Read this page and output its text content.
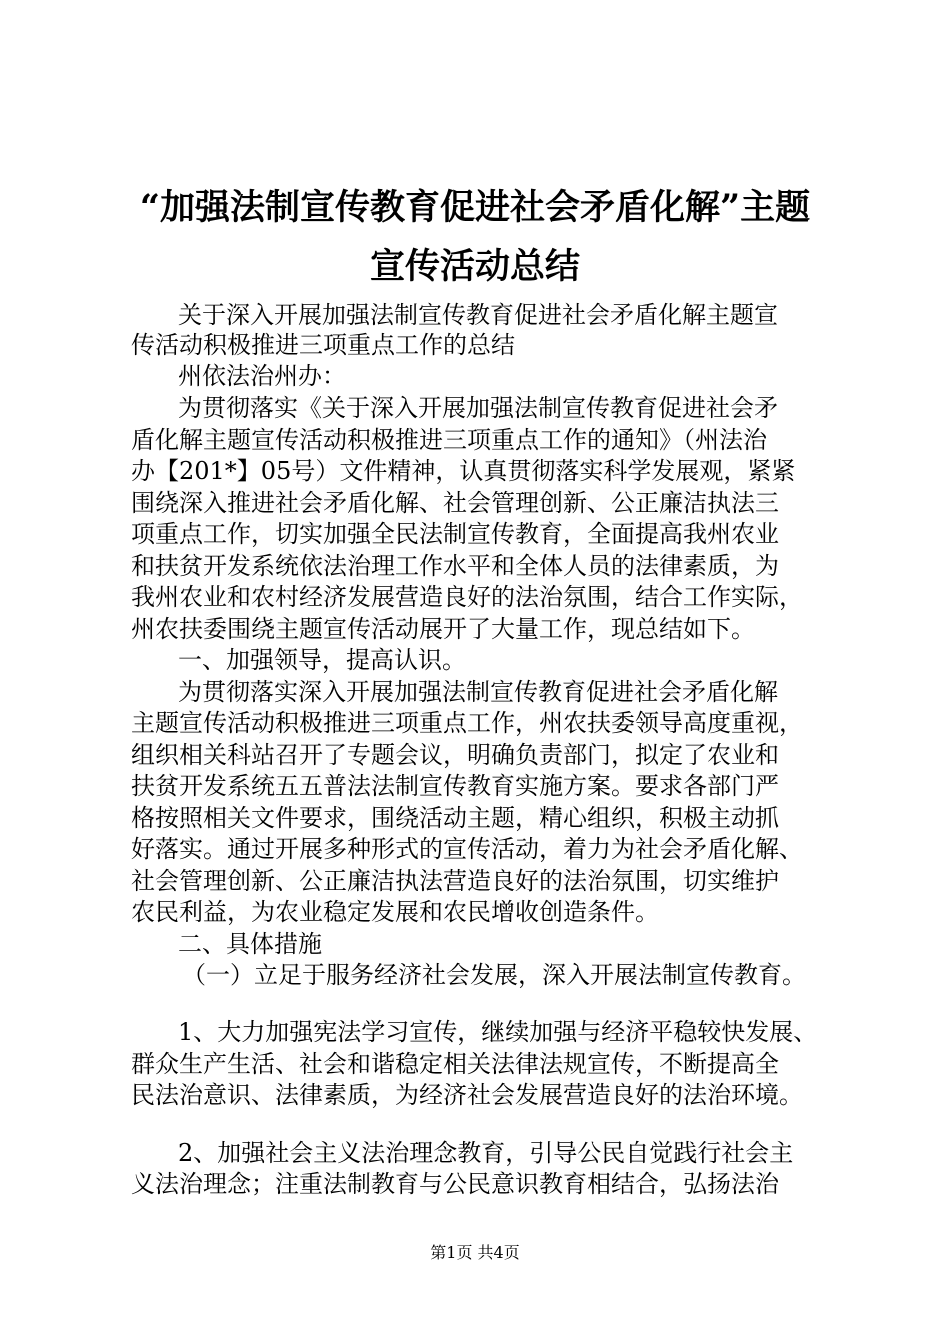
“加强法制宣传教育促进社会矛盾化解”主题
宣传活动总结

关于深入开展加强法制宣传教育促进社会矛盾化解主题宣

传活动积极推进三项重点工作的总结

州依法治州办：

为贯彻落实《关于深入开展加强法制宣传教育促进社会矛

盾化解主题宣传活动积极推进三项重点工作的通知》（州法治

办【201*】05号）文件精神，认真贯彻落实科学发展观，紧紧

围绕深入推进社会矛盾化解、社会管理创新、公正廉洁执法三

项重点工作，切实加强全民法制宣传教育，全面提高我州农业

和扶贫开发系统依法治理工作水平和全体人员的法律素质，为

我州农业和农村经济发展营造良好的法治氛围，结合工作实际，

州农扶委围绕主题宣传活动展开了大量工作，现总结如下。

一、加强领导，提高认识。

为贯彻落实深入开展加强法制宣传教育促进社会矛盾化解

主题宣传活动积极推进三项重点工作，州农扶委领导高度重视，

组织相关科站召开了专题会议，明确负责部门，拟定了农业和

扶贫开发系统五五普法法制宣传教育实施方案。要求各部门严

格按照相关文件要求，围绕活动主题，精心组织，积极主动抓

好落实。通过开展多种形式的宣传活动，着力为社会矛盾化解、

社会管理创新、公正廉洁执法营造良好的法治氛围，切实维护

农民利益，为农业稳定发展和农民增收创造条件。

二、具体措施

（一）立足于服务经济社会发展，深入开展法制宣传教育。

1、大力加强宪法学习宣传，继续加强与经济平稳较快发展、

群众生产生活、社会和谐稳定相关法律法规宣传，不断提高全

民法治意识、法律素质，为经济社会发展营造良好的法治环境。

2、加强社会主义法治理念教育，引导公民自觉践行社会主

义法治理念；注重法制教育与公民意识教育相结合，弘扬法治

第1页 共4页
